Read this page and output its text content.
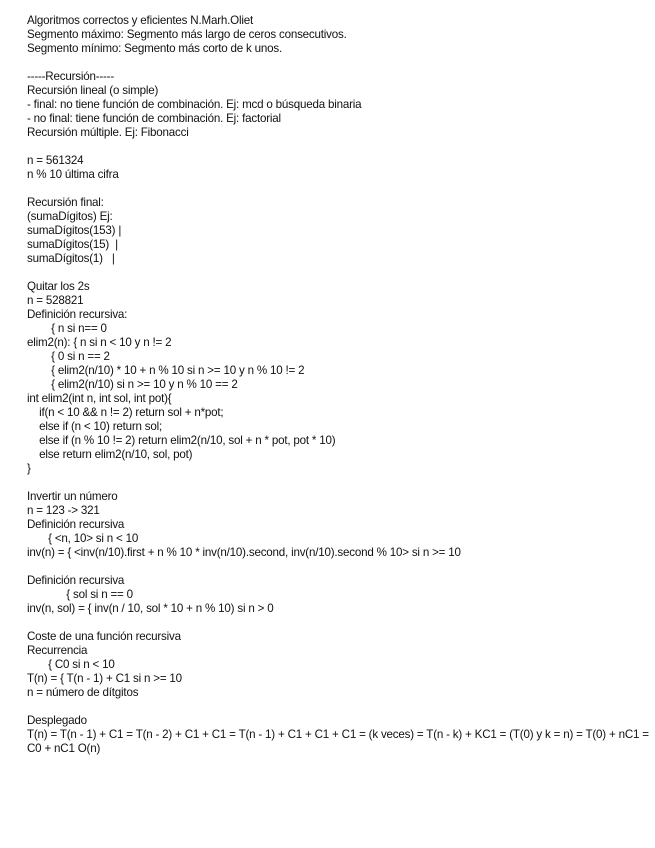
Algoritmos correctos y eficientes N.Marh.Oliet
Segmento máximo: Segmento más largo de ceros consecutivos.
Segmento mínimo: Segmento más corto de k unos.
-----Recursión-----
Recursión lineal (o simple)
- final: no tiene función de combinación. Ej: mcd o búsqueda binaria
- no final: tiene función de combinación. Ej: factorial
Recursión múltiple. Ej: Fibonacci
n = 561324
n % 10 última cifra
Recursión final:
(sumaDígitos) Ej:
sumaDígitos(153) |
sumaDígitos(15)  |
sumaDígitos(1)   |
Quitar los 2s
n = 528821
Definición recursiva:
{ n si n== 0
elim2(n): { n si n < 10 y n != 2
{ 0 si n == 2
{ elim2(n/10) * 10 + n % 10 si n >= 10 y n % 10 != 2
{ elim2(n/10) si n >= 10 y n % 10 == 2
int elim2(int n, int sol, int pot){
if(n < 10 && n != 2) return sol + n*pot;
else if (n < 10) return sol;
else if (n % 10 != 2) return elim2(n/10, sol + n * pot, pot * 10)
else return elim2(n/10, sol, pot)
}
Invertir un número
n = 123 -> 321
Definición recursiva
{ <n, 10> si n < 10
inv(n) = { <inv(n/10).first + n % 10 * inv(n/10).second, inv(n/10).second % 10> si n >= 10
Definición recursiva
{ sol si n == 0
inv(n, sol) = { inv(n / 10, sol * 10 + n % 10) si n > 0
Coste de una función recursiva
Recurrencia
{ C0 si n < 10
T(n) = { T(n - 1) + C1 si n >= 10
n = número de dítgitos
Desplegado
T(n) = T(n - 1) + C1 = T(n - 2) + C1 + C1 = T(n - 1) + C1 + C1 + C1 = (k veces) = T(n - k) + KC1 = (T(0) y k = n) = T(0) + nC1 = C0 + nC1 O(n)
